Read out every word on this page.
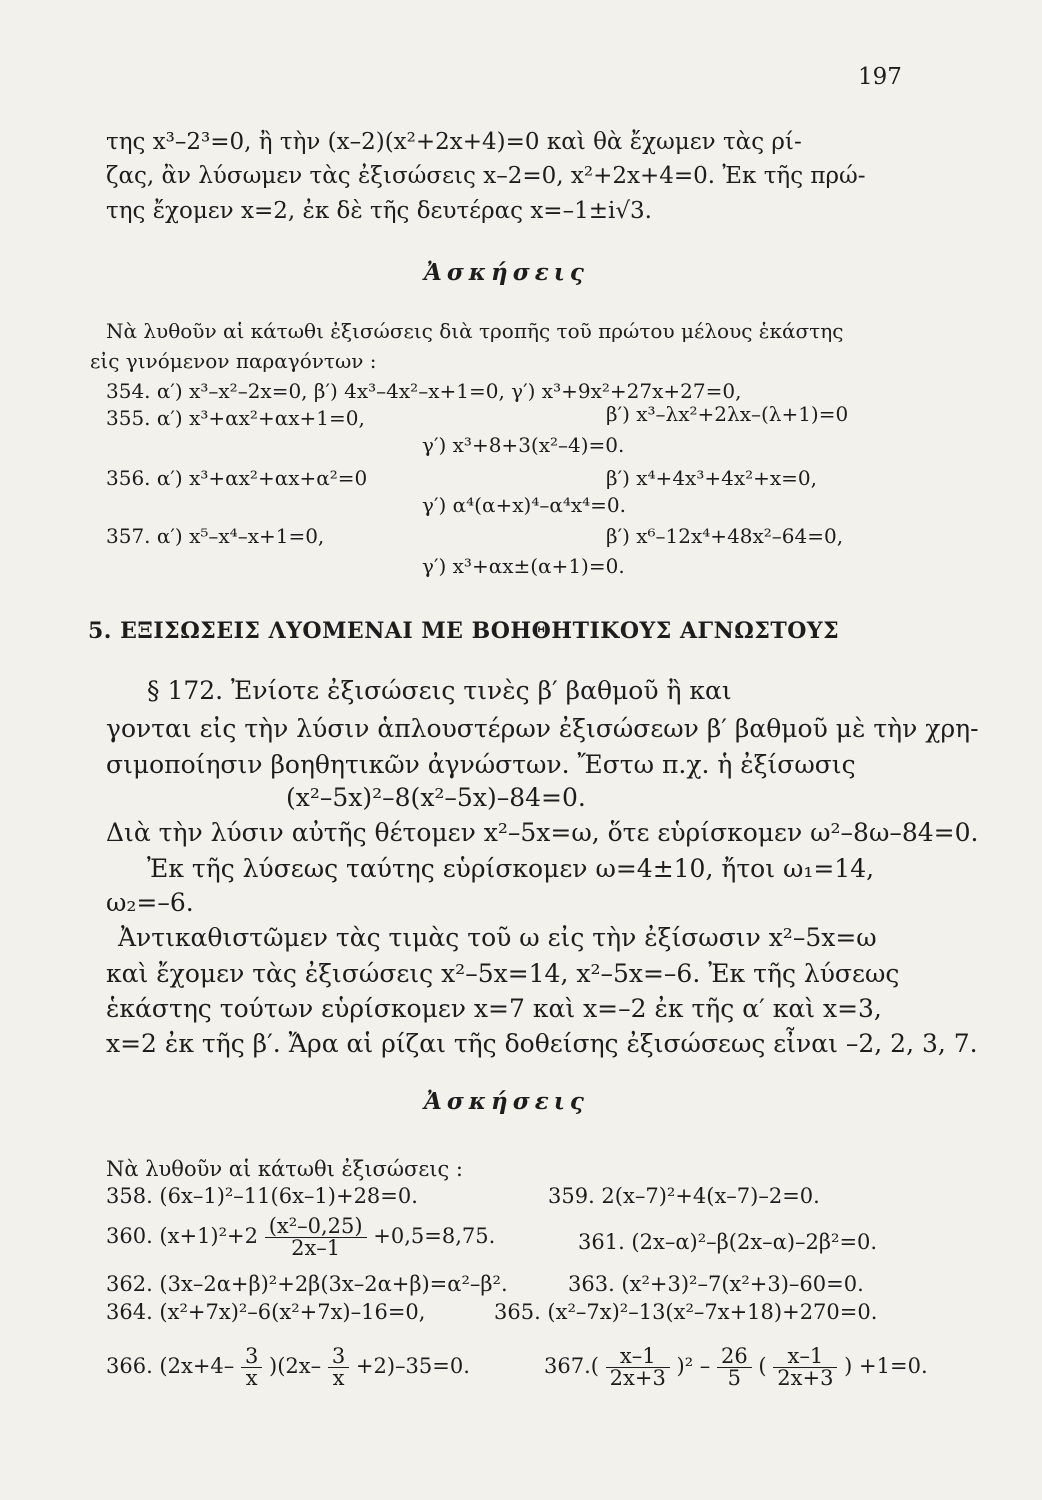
197
της x³–2³=0, ἢ τὴν (x–2)(x²+2x+4)=0 καὶ θὰ ἔχωμεν τὰς ρί-
ζας, ἂν λύσωμεν τὰς ἐξισώσεις x–2=0, x²+2x+4=0. Ἐκ τῆς πρώ-
της ἔχομεν x=2, ἐκ δὲ τῆς δευτέρας x=–1±i√3.
Ἀσκήσεις
Νὰ λυθοῦν αἱ κάτωθι ἐξισώσεις διὰ τροπῆς τοῦ πρώτου μέλους ἑκάστης
εἰς γινόμενον παραγόντων :
354. α′) x³–x²–2x=0, β′) 4x³–4x²–x+1=0, γ′) x³+9x²+27x+27=0,
355. α′) x³+αx²+αx+1=0,	β′) x³–λx²+2λx–(λ+1)=0
γ′) x³+8+3(x²–4)=0.
356. α′) x³+αx²+αx+α²=0	β′) x⁴+4x³+4x²+x=0,
γ′) α⁴(α+x)⁴–α⁴x⁴=0.
357. α′) x⁵–x⁴–x+1=0,	β′) x⁶–12x⁴+48x²–64=0,
γ′) x³+αx±(α+1)=0.
5. ΕΞΙΣΩΣΕΙΣ ΛΥΟΜΕΝΑΙ ΜΕ ΒΟΗΘΗΤΙΚΟΥΣ ΑΓΝΩΣΤΟΥΣ
§ 172. Ἐνίοτε ἐξισώσεις τινὲς β′ βαθμοῦ ἢ και
γονται εἰς τὴν λύσιν ἁπλουστέρων ἐξισώσεων β′ βαθμοῦ μὲ τὴν χρη-
σιμοποίησιν βοηθητικῶν ἀγνώστων. Ἔστω π.χ. ἡ ἐξίσωσις
(x²–5x)²–8(x²–5x)–84=0.
Διὰ τὴν λύσιν αὐτῆς θέτομεν x²–5x=ω, ὅτε εὑρίσκομεν ω²–8ω–84=0.
Ἐκ τῆς λύσεως ταύτης εὑρίσκομεν ω=4±10, ἤτοι ω₁=14,
ω₂=–6.
Ἀντικαθιστῶμεν τὰς τιμὰς τοῦ ω εἰς τὴν ἐξίσωσιν x²–5x=ω
καὶ ἔχομεν τὰς ἐξισώσεις x²–5x=14, x²–5x=–6. Ἐκ τῆς λύσεως
ἑκάστης τούτων εὑρίσκομεν x=7 καὶ x=–2 ἐκ τῆς α′ καὶ x=3,
x=2 ἐκ τῆς β′. Ἄρα αἱ ρίζαι τῆς δοθείσης ἐξισώσεως εἶναι –2, 2, 3, 7.
Ἀσκήσεις
Νὰ λυθοῦν αἱ κάτωθι ἐξισώσεις :
358. (6x–1)²–11(6x–1)+28=0.	359. 2(x–7)²+4(x–7)–2=0.
360. $(x+1)^2+2 \frac{\text{(x²–0,25)}}{2x-1} +0,5=8,75$.	361. (2x–α)²–β(2x–α)–2β²=0.
362. (3x–2α+β)²+2β(3x–2α+β)=α²–β².	363. (x²+3)²–7(x²+3)–60=0.
364. (x²+7x)²–6(x²+7x)–16=0,	365. (x²–7x)²–13(x²–7x+18)+270=0.
366. $(2x+4- \frac{3}{x} )(2x- \frac{3}{x} +2)-35=0$.	$367.( \frac{x-1}{2x+3} )^2 - \frac{26}{5}$ ( $\frac{x-1}{2x+3}$ ) +1=0.
